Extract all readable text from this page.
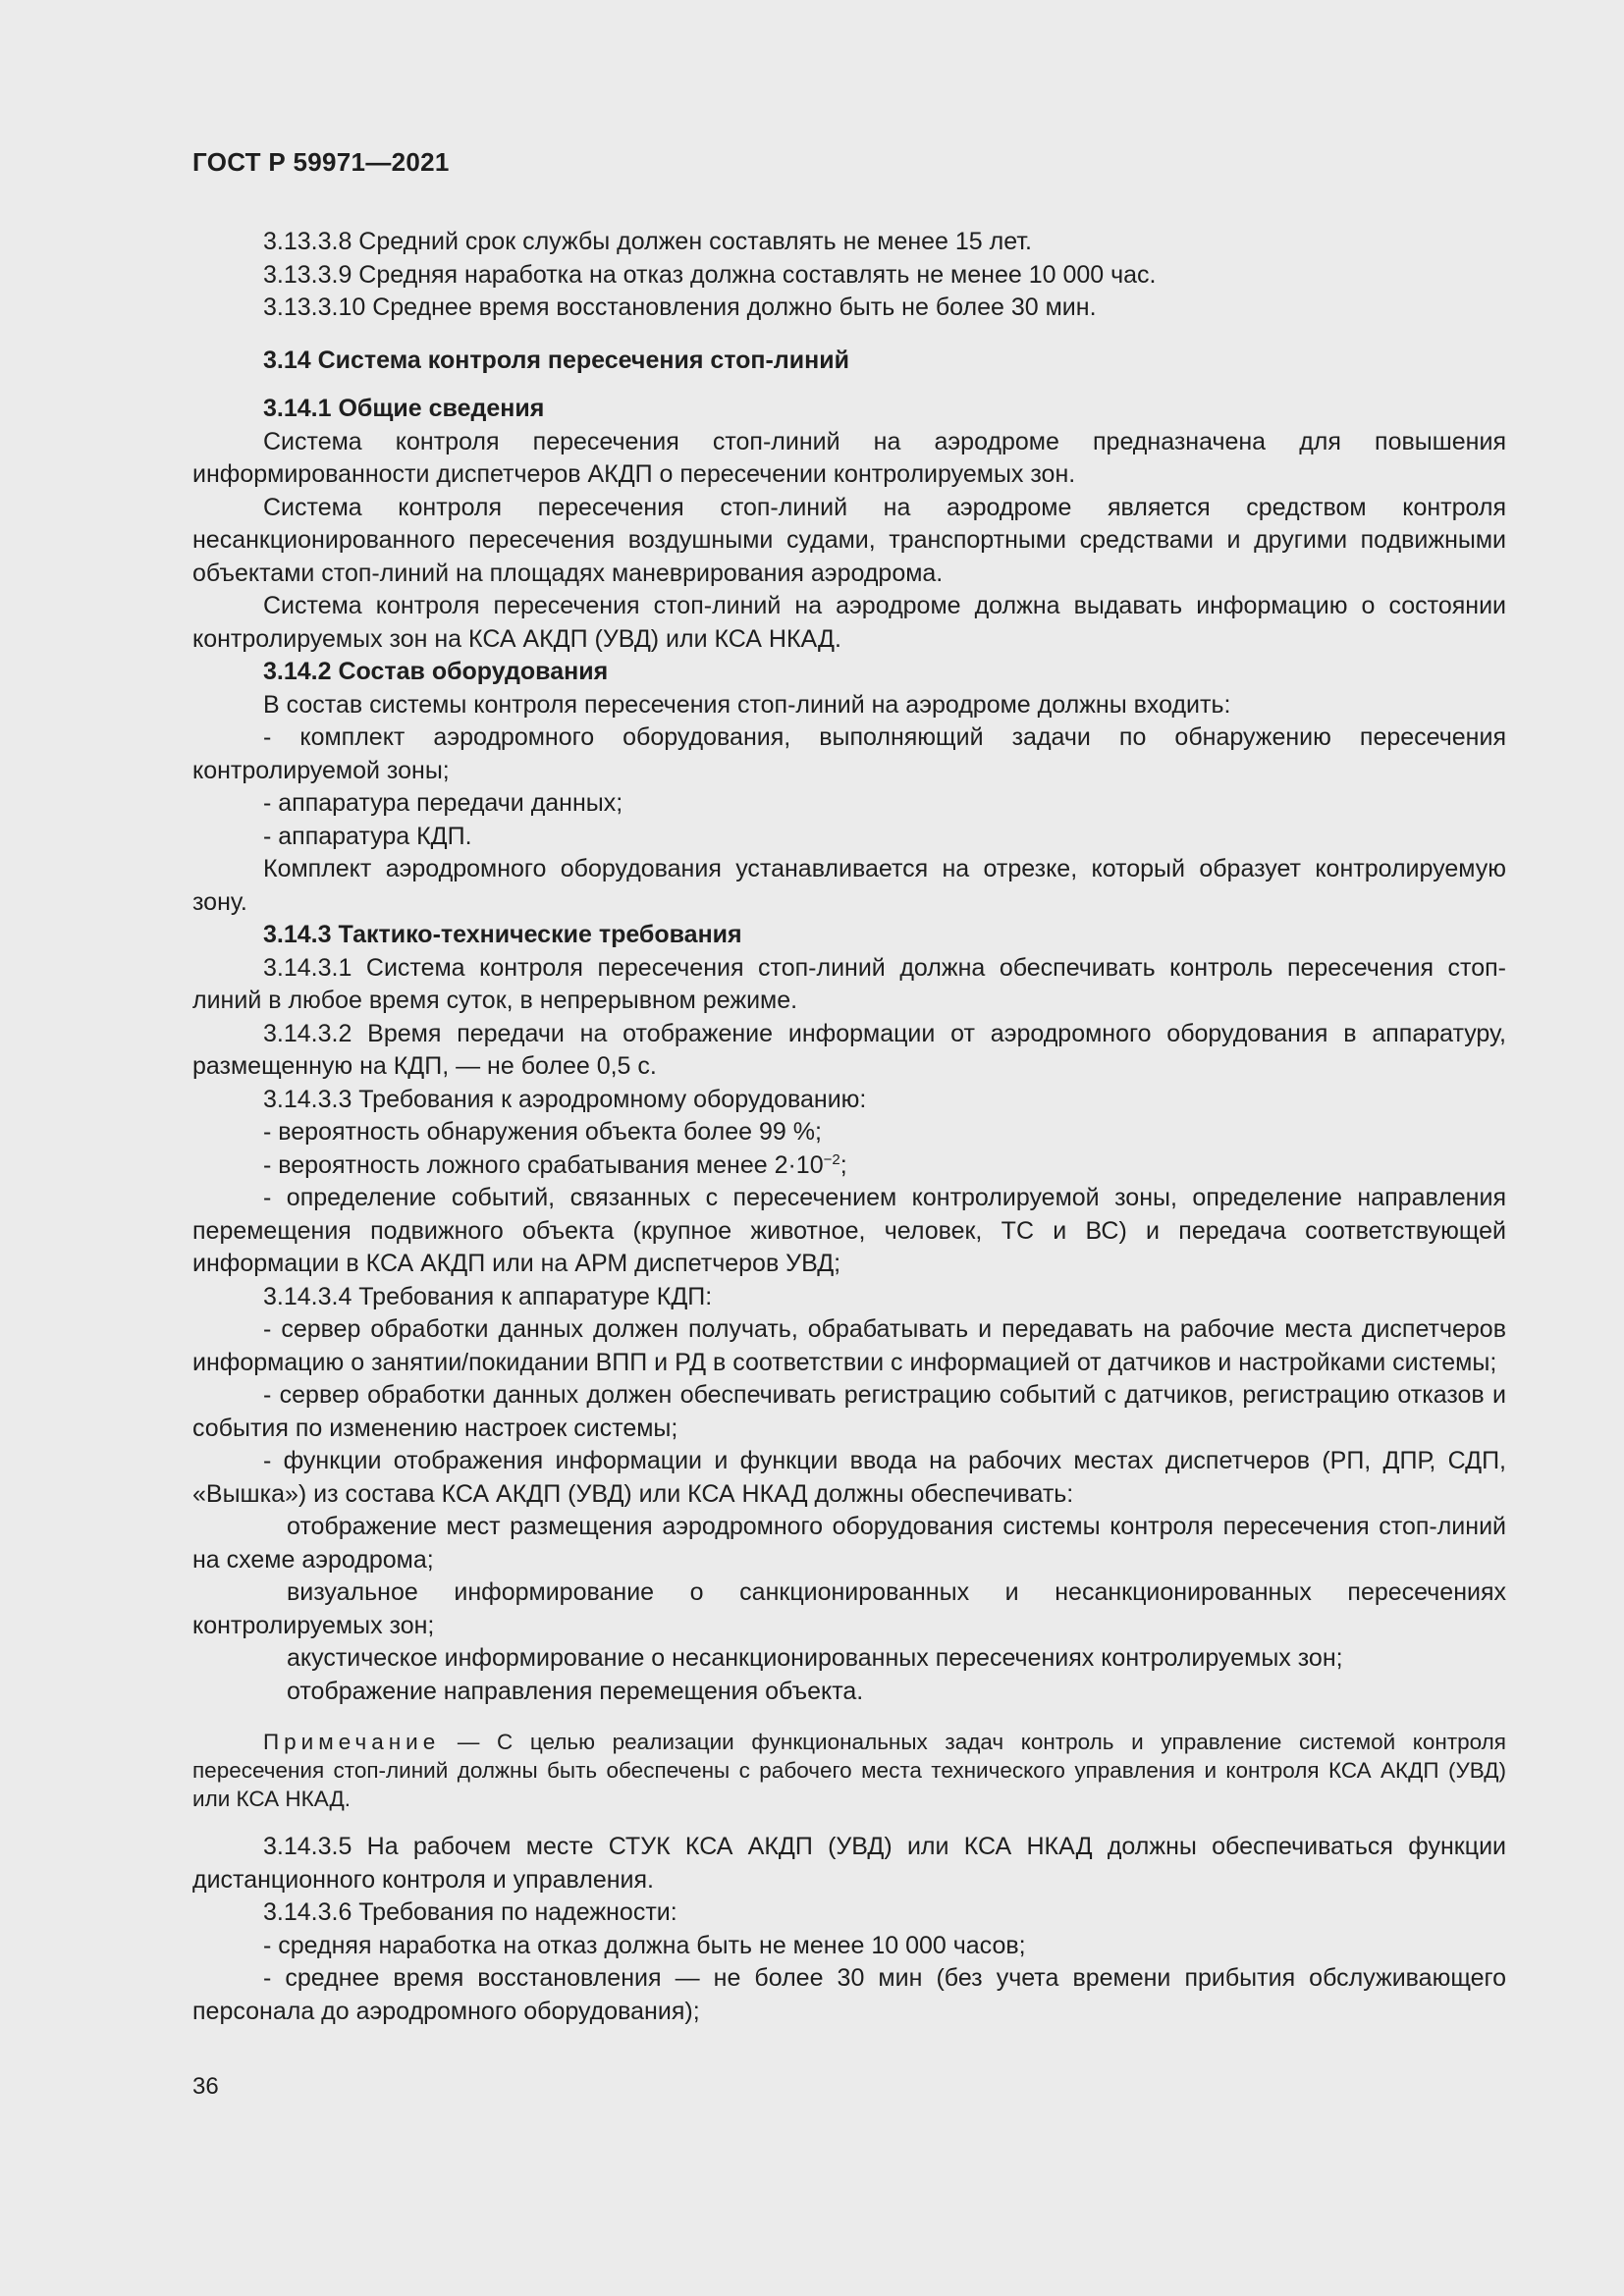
ГОСТ Р 59971—2021

3.13.3.8 Средний срок службы должен составлять не менее 15 лет.

3.13.3.9 Средняя наработка на отказ должна составлять не менее 10 000 час.

3.13.3.10 Среднее время восстановления должно быть не более 30 мин.

3.14 Система контроля пересечения стоп-линий

3.14.1 Общие сведения

Система контроля пересечения стоп-линий на аэродроме предназначена для повышения информированности диспетчеров АКДП о пересечении контролируемых зон.

Система контроля пересечения стоп-линий на аэродроме является средством контроля несанкционированного пересечения воздушными судами, транспортными средствами и другими подвижными объектами стоп-линий на площадях маневрирования аэродрома.

Система контроля пересечения стоп-линий на аэродроме должна выдавать информацию о состоянии контролируемых зон на КСА АКДП (УВД) или КСА НКАД.

3.14.2 Состав оборудования

В состав системы контроля пересечения стоп-линий на аэродроме должны входить:

- комплект аэродромного оборудования, выполняющий задачи по обнаружению пересечения контролируемой зоны;

- аппаратура передачи данных;

- аппаратура КДП.

Комплект аэродромного оборудования устанавливается на отрезке, который образует контролируемую зону.

3.14.3 Тактико-технические требования

3.14.3.1 Система контроля пересечения стоп-линий должна обеспечивать контроль пересечения стоп-линий в любое время суток, в непрерывном режиме.

3.14.3.2 Время передачи на отображение информации от аэродромного оборудования в аппаратуру, размещенную на КДП, — не более 0,5 с.

3.14.3.3 Требования к аэродромному оборудованию:

- вероятность обнаружения объекта более 99 %;

- вероятность ложного срабатывания менее $2\cdot 10^{-2}$;

- определение событий, связанных с пересечением контролируемой зоны, определение направления перемещения подвижного объекта (крупное животное, человек, ТС и ВС) и передача соответствующей информации в КСА АКДП или на АРМ диспетчеров УВД;

3.14.3.4 Требования к аппаратуре КДП:

- сервер обработки данных должен получать, обрабатывать и передавать на рабочие места диспетчеров информацию о занятии/покидании ВПП и РД в соответствии с информацией от датчиков и настройками системы;

- сервер обработки данных должен обеспечивать регистрацию событий с датчиков, регистрацию отказов и события по изменению настроек системы;

- функции отображения информации и функции ввода на рабочих местах диспетчеров (РП, ДПР, СДП, «Вышка») из состава КСА АКДП (УВД) или КСА НКАД должны обеспечивать:

отображение мест размещения аэродромного оборудования системы контроля пересечения стоп-линий на схеме аэродрома;

визуальное информирование о санкционированных и несанкционированных пересечениях контролируемых зон;

акустическое информирование о несанкционированных пересечениях контролируемых зон;

отображение направления перемещения объекта.

Примечание — С целью реализации функциональных задач контроль и управление системой контроля пересечения стоп-линий должны быть обеспечены с рабочего места технического управления и контроля КСА АКДП (УВД) или КСА НКАД.

3.14.3.5 На рабочем месте СТУК КСА АКДП (УВД) или КСА НКАД должны обеспечиваться функции дистанционного контроля и управления.

3.14.3.6 Требования по надежности:

- средняя наработка на отказ должна быть не менее 10 000 часов;

- среднее время восстановления — не более 30 мин (без учета времени прибытия обслуживающего персонала до аэродромного оборудования);

36
